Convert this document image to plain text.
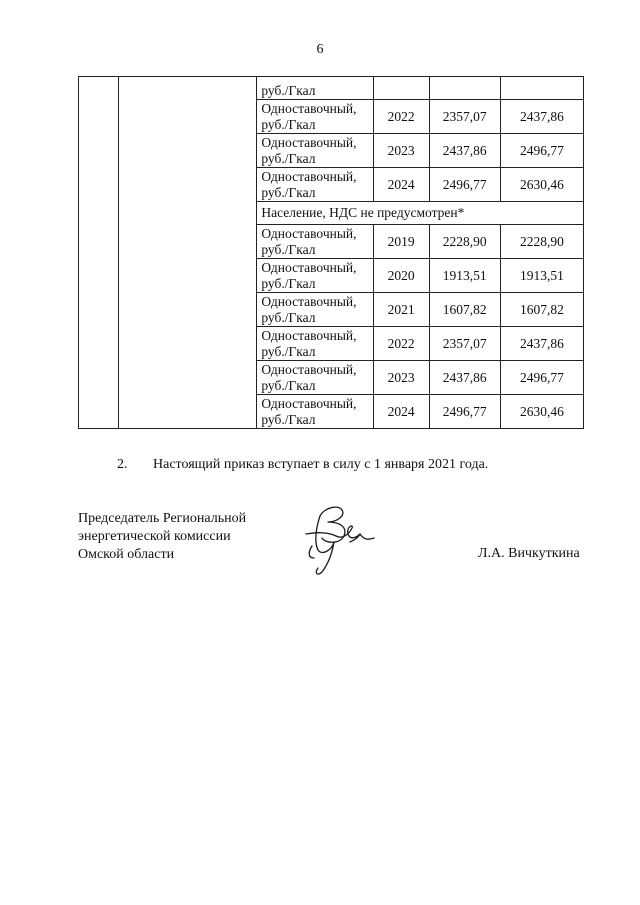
6
		руб./Гкал			

		Одноставочный,
руб./Гкал	2022	2357,07	2437,86

		Одноставочный,
руб./Гкал	2023	2437,86	2496,77

		Одноставочный,
руб./Гкал	2024	2496,77	2630,46
		Население, НДС не предусмотрен*			

		Одноставочный,
руб./Гкал	2019	2228,90	2228,90

		Одноставочный,
руб./Гкал	2020	1913,51	1913,51

		Одноставочный,
руб./Гкал	2021	1607,82	1607,82

		Одноставочный,
руб./Гкал	2022	2357,07	2437,86

		Одноставочный,
руб./Гкал	2023	2437,86	2496,77

		Одноставочный,
руб./Гкал	2024	2496,77	2630,46
2. Настоящий приказ вступает в силу с 1 января 2021 года.
Председатель Региональной
энергетической комиссии
Омской области	Л.А. Вичкуткина
